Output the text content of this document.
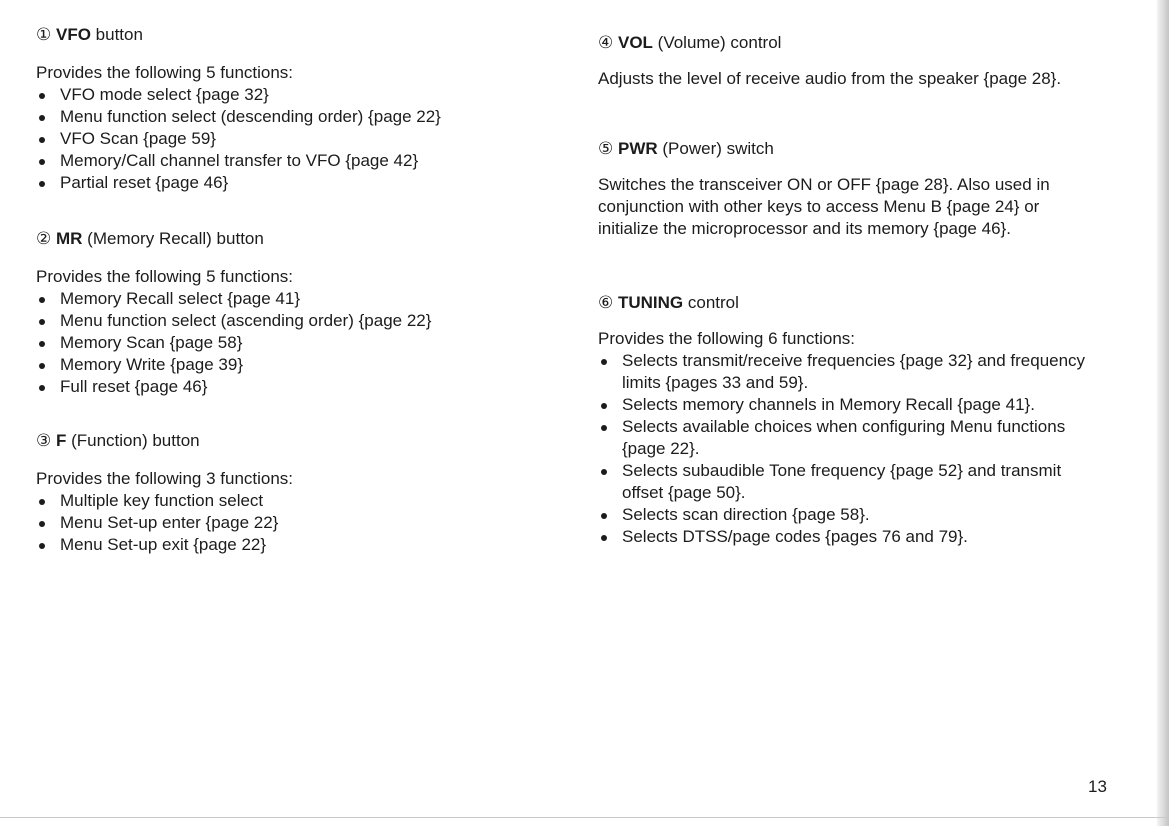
① VFO button
Provides the following 5 functions:
VFO mode select {page 32}
Menu function select (descending order) {page 22}
VFO Scan {page 59}
Memory/Call channel transfer to VFO {page 42}
Partial reset {page 46}
② MR (Memory Recall) button
Provides the following 5 functions:
Memory Recall select {page 41}
Menu function select (ascending order) {page 22}
Memory Scan {page 58}
Memory Write {page 39}
Full reset {page 46}
③ F (Function) button
Provides the following 3 functions:
Multiple key function select
Menu Set-up enter {page 22}
Menu Set-up exit {page 22}
④ VOL (Volume) control
Adjusts the level of receive audio from the speaker {page 28}.
⑤ PWR (Power) switch
Switches the transceiver ON or OFF {page 28}. Also used in conjunction with other keys to access Menu B {page 24} or initialize the microprocessor and its memory {page 46}.
⑥ TUNING control
Provides the following 6 functions:
Selects transmit/receive frequencies {page 32} and frequency limits {pages 33 and 59}.
Selects memory channels in Memory Recall {page 41}.
Selects available choices when configuring Menu functions {page 22}.
Selects subaudible Tone frequency {page 52} and transmit offset {page 50}.
Selects scan direction {page 58}.
Selects DTSS/page codes {pages 76 and 79}.
13
